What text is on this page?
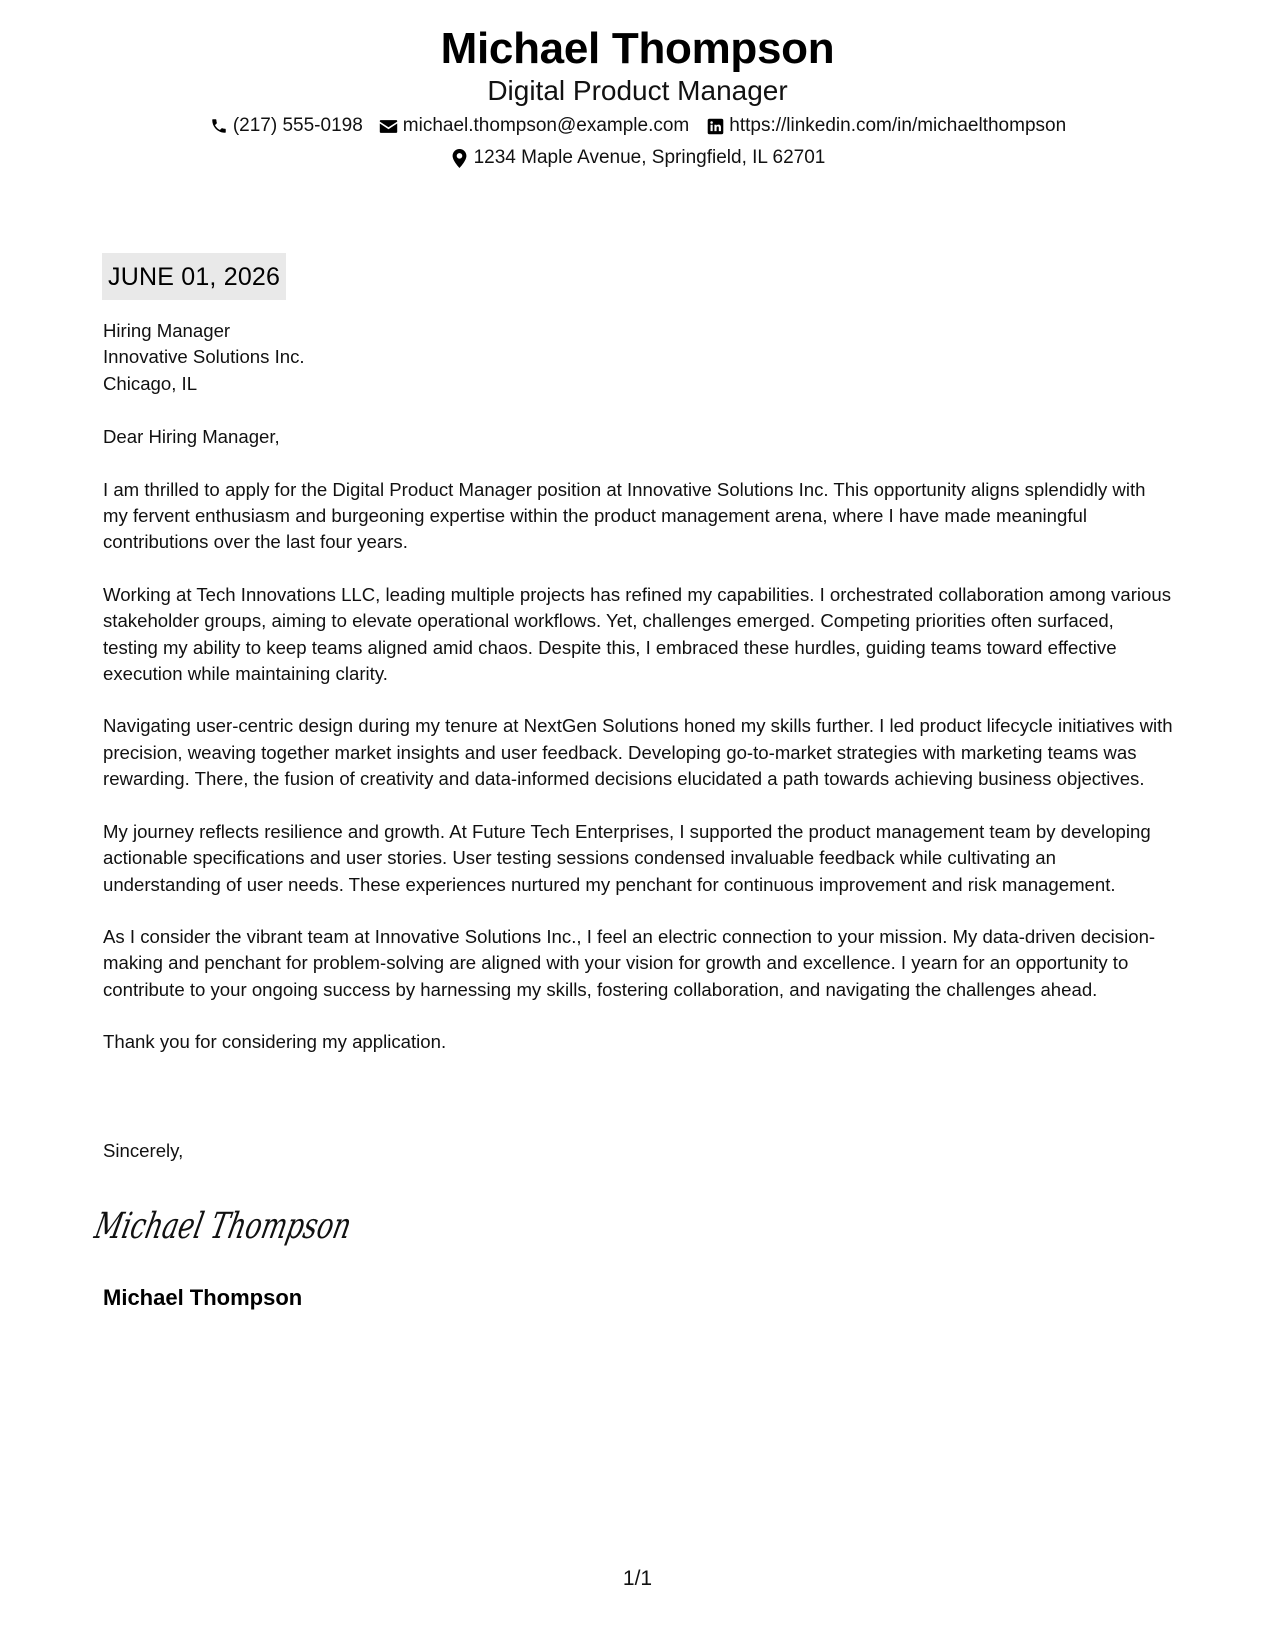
Michael Thompson
Digital Product Manager
(217) 555-0198 michael.thompson@example.com https://linkedin.com/in/michaelthompson
1234 Maple Avenue, Springfield, IL 62701
JUNE 01, 2026
Hiring Manager
Innovative Solutions Inc.
Chicago, IL

Dear Hiring Manager,

I am thrilled to apply for the Digital Product Manager position at Innovative Solutions Inc. This opportunity aligns splendidly with my fervent enthusiasm and burgeoning expertise within the product management arena, where I have made meaningful contributions over the last four years.

Working at Tech Innovations LLC, leading multiple projects has refined my capabilities. I orchestrated collaboration among various stakeholder groups, aiming to elevate operational workflows. Yet, challenges emerged. Competing priorities often surfaced, testing my ability to keep teams aligned amid chaos. Despite this, I embraced these hurdles, guiding teams toward effective execution while maintaining clarity.

Navigating user-centric design during my tenure at NextGen Solutions honed my skills further. I led product lifecycle initiatives with precision, weaving together market insights and user feedback. Developing go-to-market strategies with marketing teams was rewarding. There, the fusion of creativity and data-informed decisions elucidated a path towards achieving business objectives.

My journey reflects resilience and growth. At Future Tech Enterprises, I supported the product management team by developing actionable specifications and user stories. User testing sessions condensed invaluable feedback while cultivating an understanding of user needs. These experiences nurtured my penchant for continuous improvement and risk management.

As I consider the vibrant team at Innovative Solutions Inc., I feel an electric connection to your mission. My data-driven decision-making and penchant for problem-solving are aligned with your vision for growth and excellence. I yearn for an opportunity to contribute to your ongoing success by harnessing my skills, fostering collaboration, and navigating the challenges ahead.

Thank you for considering my application.

Sincerely,
Michael Thompson
Michael Thompson
1/1
